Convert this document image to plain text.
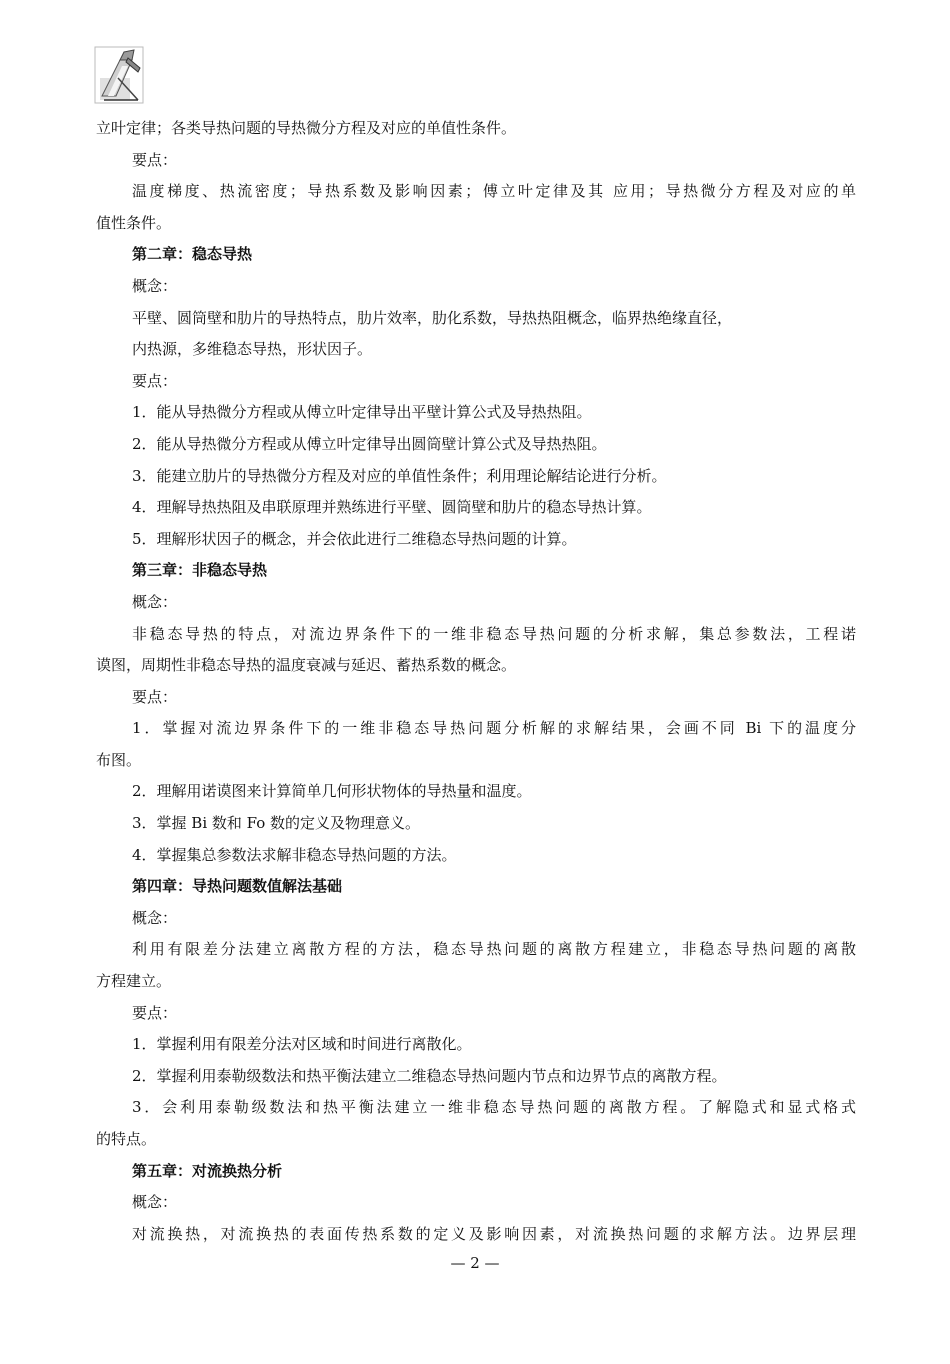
立叶定律；各类导热问题的导热微分方程及对应的单值性条件。
要点：
温度梯度、热流密度；导热系数及影响因素；傅立叶定律及其 应用；导热微分方程及对应的单
值性条件。
第二章：稳态导热
概念：
平壁、圆筒壁和肋片的导热特点，肋片效率，肋化系数，导热热阻概念，临界热绝缘直径，
内热源，多维稳态导热，形状因子。
要点：
1．能从导热微分方程或从傅立叶定律导出平壁计算公式及导热热阻。
2．能从导热微分方程或从傅立叶定律导出圆筒壁计算公式及导热热阻。
3．能建立肋片的导热微分方程及对应的单值性条件；利用理论解结论进行分析。
4．理解导热热阻及串联原理并熟练进行平壁、圆筒壁和肋片的稳态导热计算。
5．理解形状因子的概念，并会依此进行二维稳态导热问题的计算。
第三章：非稳态导热
概念：
非稳态导热的特点，对流边界条件下的一维非稳态导热问题的分析求解，集总参数法，工程诺
谟图，周期性非稳态导热的温度衰减与延迟、蓄热系数的概念。
要点：
1．掌握对流边界条件下的一维非稳态导热问题分析解的求解结果，会画不同 Bi 下的温度分
布图。
2．理解用诺谟图来计算简单几何形状物体的导热量和温度。
3．掌握 Bi 数和 Fo 数的定义及物理意义。
4．掌握集总参数法求解非稳态导热问题的方法。
第四章：导热问题数值解法基础
概念：
利用有限差分法建立离散方程的方法，稳态导热问题的离散方程建立，非稳态导热问题的离散
方程建立。
要点：
1．掌握利用有限差分法对区域和时间进行离散化。
2．掌握利用泰勒级数法和热平衡法建立二维稳态导热问题内节点和边界节点的离散方程。
3．会利用泰勒级数法和热平衡法建立一维非稳态导热问题的离散方程。了解隐式和显式格式
的特点。
第五章：对流换热分析
概念：
对流换热，对流换热的表面传热系数的定义及影响因素，对流换热问题的求解方法。边界层理
— 2 —
